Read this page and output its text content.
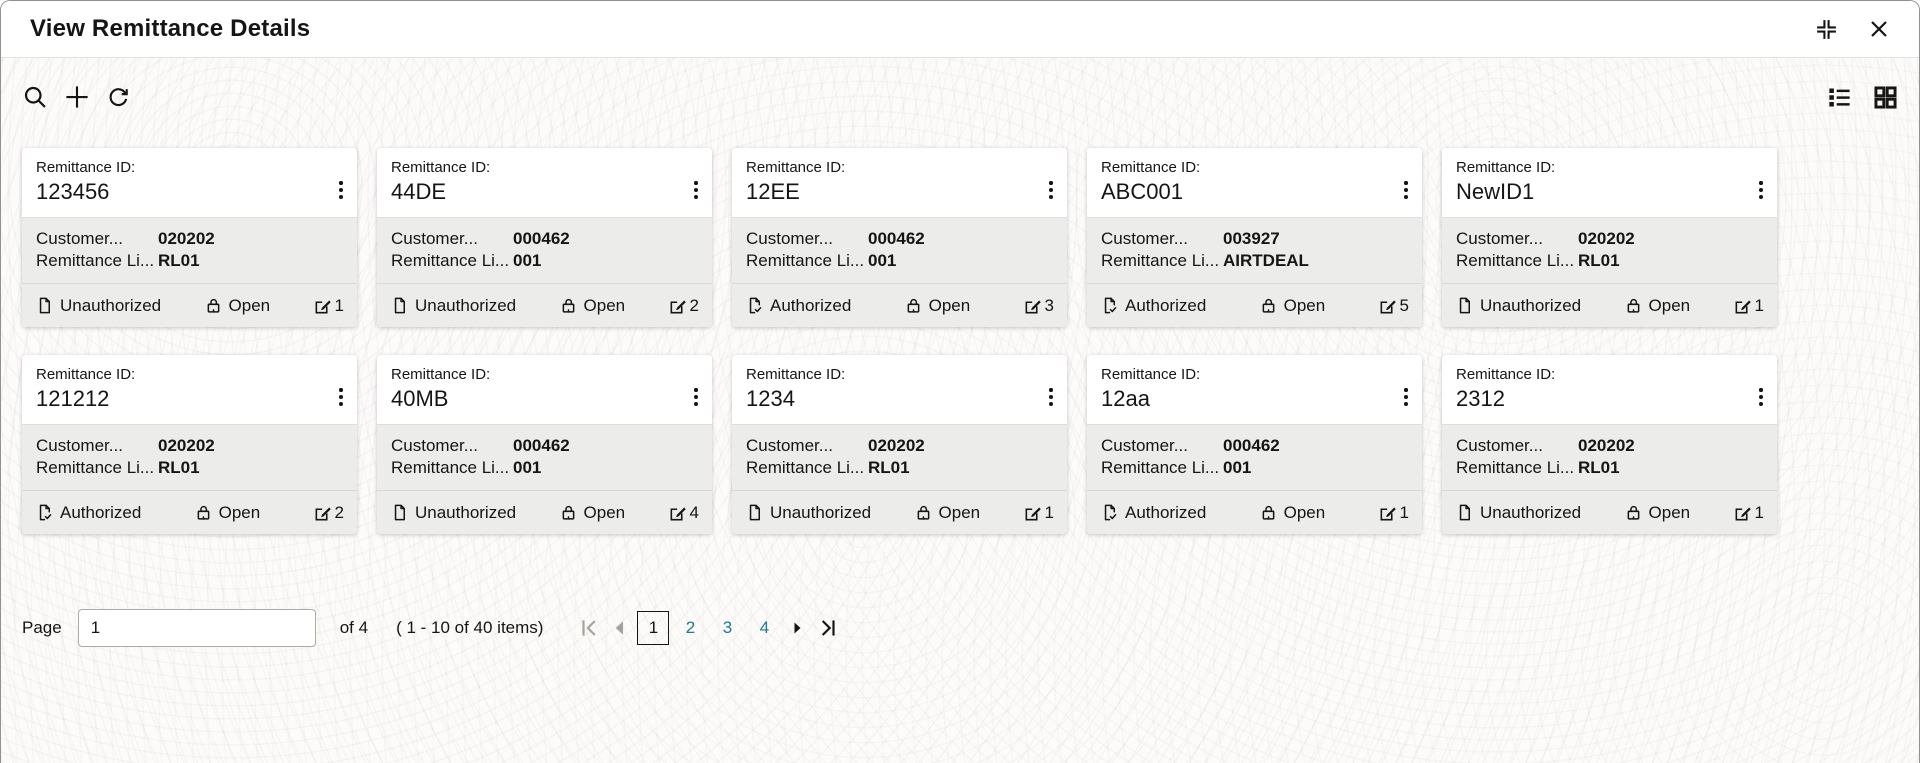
View Remittance Details
Remittance ID:
123456
Customer...	020202
Remittance Li... RL01
Unauthorized	Open	1
Remittance ID:
44DE
Customer...	000462
Remittance Li... 001
Unauthorized	Open	2
Remittance ID:
12EE
Customer...	000462
Remittance Li... 001
Authorized	Open	3
Remittance ID:
ABC001
Customer...	003927
Remittance Li... AIRTDEAL
Authorized	Open	5
Remittance ID:
NewID1
Customer...	020202
Remittance Li... RL01
Unauthorized	Open	1
Remittance ID:
121212
Customer...	020202
Remittance Li... RL01
Authorized	Open	2
Remittance ID:
40MB
Customer...	000462
Remittance Li... 001
Unauthorized	Open	4
Remittance ID:
1234
Customer...	020202
Remittance Li... RL01
Unauthorized	Open	1
Remittance ID:
12aa
Customer...	000462
Remittance Li... 001
Authorized	Open	1
Remittance ID:
2312
Customer...	020202
Remittance Li... RL01
Unauthorized	Open	1
Page
1	of 4 ( 1 - 10 of 40 items)	1	2	3	4
